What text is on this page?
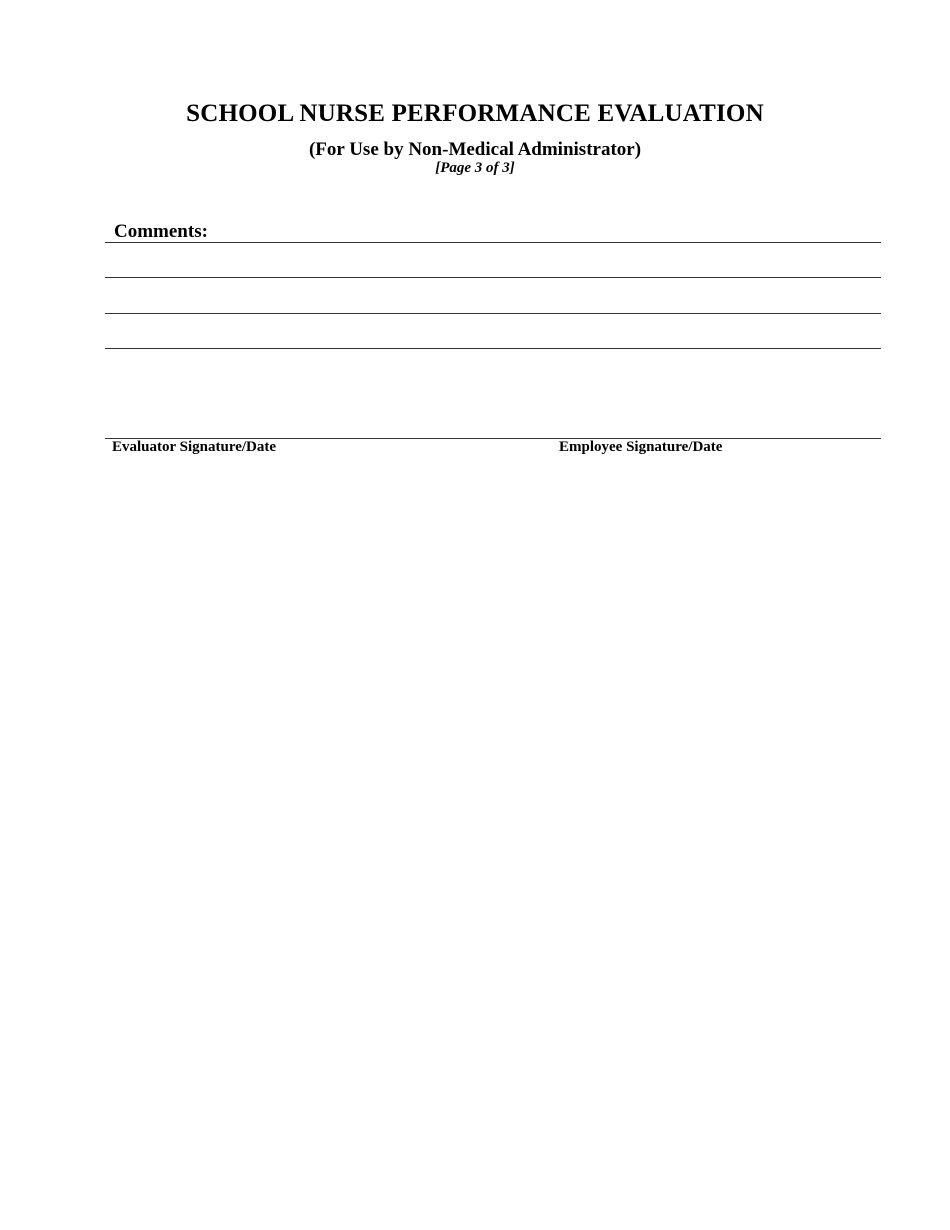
SCHOOL NURSE PERFORMANCE EVALUATION
(For Use by Non-Medical Administrator)
[Page 3 of 3]
Comments:
Evaluator Signature/Date	Employee Signature/Date
